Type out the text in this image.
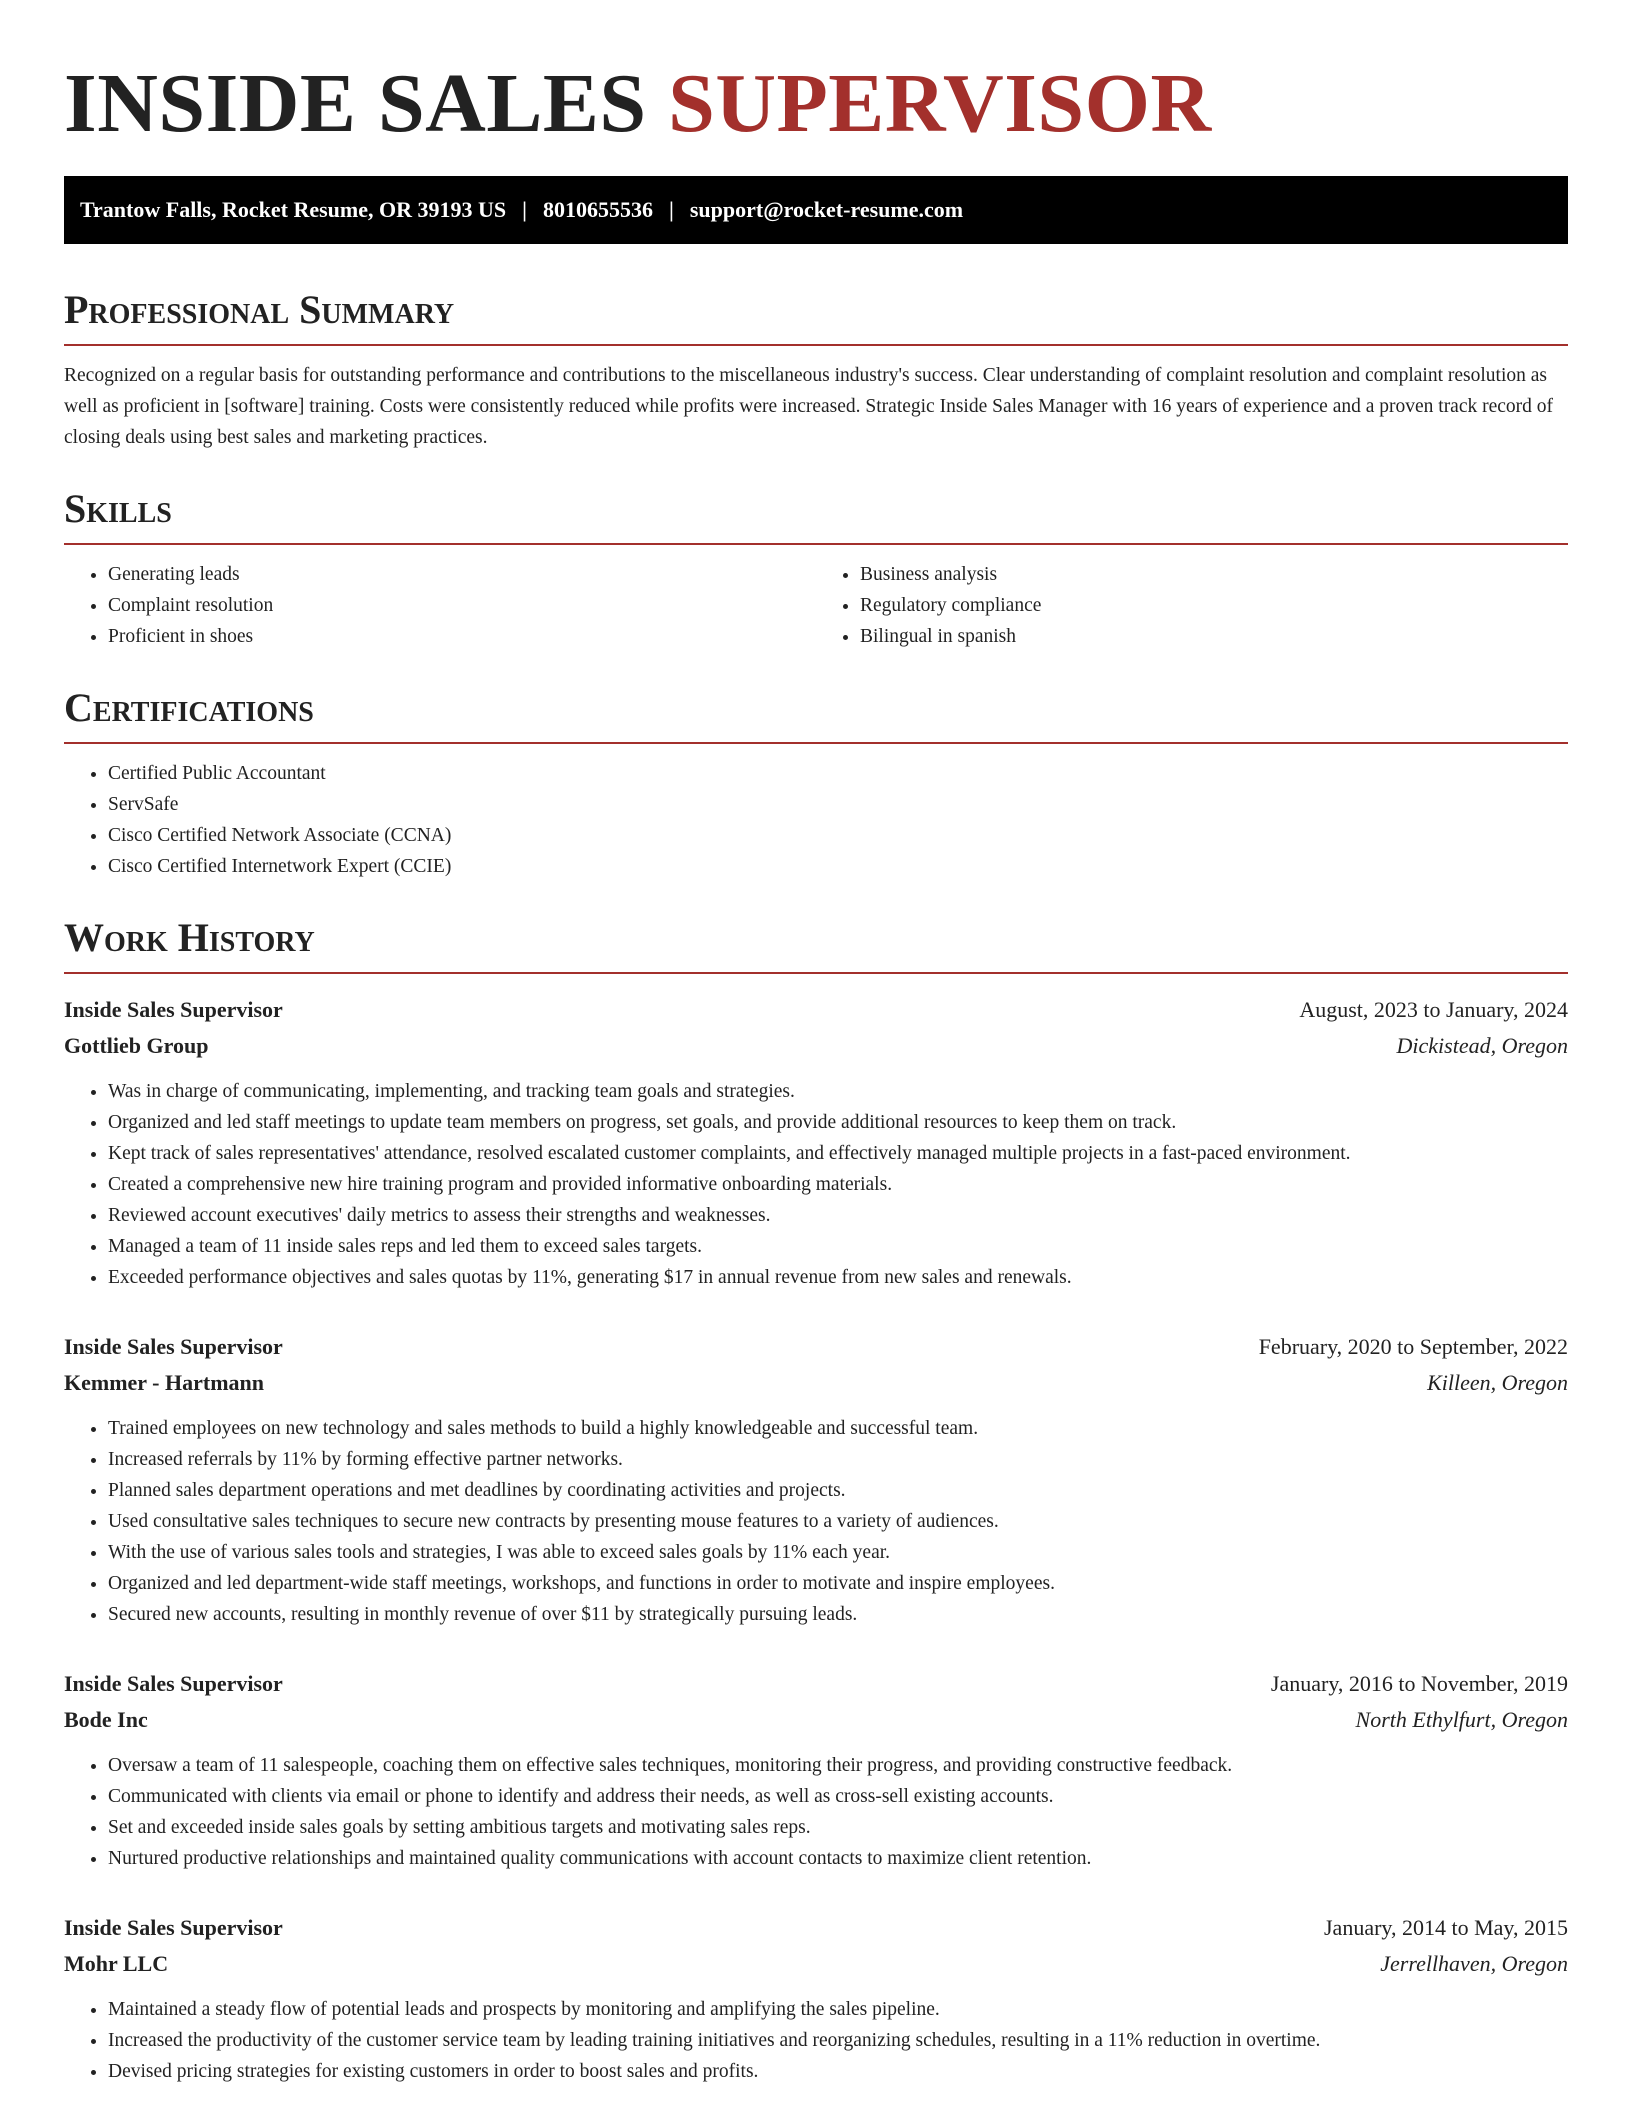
INSIDE SALES SUPERVISOR
Trantow Falls, Rocket Resume, OR 39193 US | 8010655536 | support@rocket-resume.com
Professional Summary

Recognized on a regular basis for outstanding performance and contributions to the miscellaneous industry's success. Clear understanding of complaint resolution and complaint resolution as well as proficient in [software] training. Costs were consistently reduced while profits were increased. Strategic Inside Sales Manager with 16 years of experience and a proven track record of closing deals using best sales and marketing practices.

Skills
• Generating leads
• Complaint resolution
• Proficient in shoes
• Business analysis
• Regulatory compliance
• Bilingual in spanish
Certifications
• Certified Public Accountant
• ServSafe
• Cisco Certified Network Associate (CCNA)
• Cisco Certified Internetwork Expert (CCIE)
Work History
Inside Sales Supervisor	August, 2023 to January, 2024
Gottlieb Group	Dickistead, Oregon
• Was in charge of communicating, implementing, and tracking team goals and strategies.
• Organized and led staff meetings to update team members on progress, set goals, and provide additional resources to keep them on track.
• Kept track of sales representatives' attendance, resolved escalated customer complaints, and effectively managed multiple projects in a fast-paced environment.
• Created a comprehensive new hire training program and provided informative onboarding materials.
• Reviewed account executives' daily metrics to assess their strengths and weaknesses.
• Managed a team of 11 inside sales reps and led them to exceed sales targets.
• Exceeded performance objectives and sales quotas by 11%, generating $17 in annual revenue from new sales and renewals.
Inside Sales Supervisor	February, 2020 to September, 2022
Kemmer - Hartmann	Killeen, Oregon
• Trained employees on new technology and sales methods to build a highly knowledgeable and successful team.
• Increased referrals by 11% by forming effective partner networks.
• Planned sales department operations and met deadlines by coordinating activities and projects.
• Used consultative sales techniques to secure new contracts by presenting mouse features to a variety of audiences.
• With the use of various sales tools and strategies, I was able to exceed sales goals by 11% each year.
• Organized and led department-wide staff meetings, workshops, and functions in order to motivate and inspire employees.
• Secured new accounts, resulting in monthly revenue of over $11 by strategically pursuing leads.
Inside Sales Supervisor	January, 2016 to November, 2019
Bode Inc	North Ethylfurt, Oregon
• Oversaw a team of 11 salespeople, coaching them on effective sales techniques, monitoring their progress, and providing constructive feedback.
• Communicated with clients via email or phone to identify and address their needs, as well as cross-sell existing accounts.
• Set and exceeded inside sales goals by setting ambitious targets and motivating sales reps.
• Nurtured productive relationships and maintained quality communications with account contacts to maximize client retention.
Inside Sales Supervisor	January, 2014 to May, 2015
Mohr LLC	Jerrellhaven, Oregon
• Maintained a steady flow of potential leads and prospects by monitoring and amplifying the sales pipeline.
• Increased the productivity of the customer service team by leading training initiatives and reorganizing schedules, resulting in a 11% reduction in overtime.
• Devised pricing strategies for existing customers in order to boost sales and profits.
